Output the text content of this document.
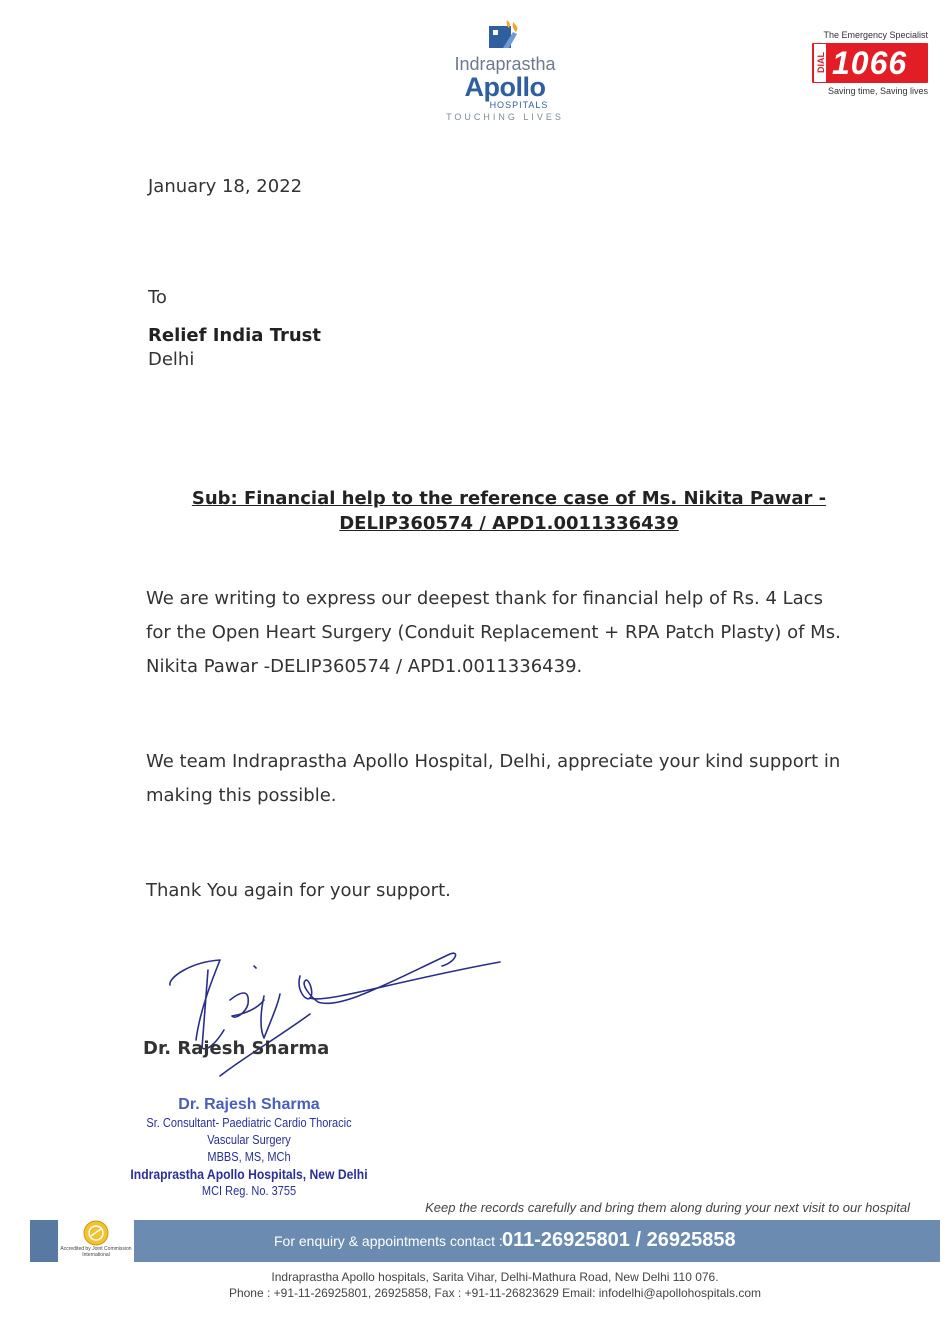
Indraprastha
Apollo
HOSPITALS
TOUCHING LIVES
The Emergency Specialist
DIAL 1066
Saving time, Saving lives
January 18, 2022
To
Relief India Trust
Delhi
Sub: Financial help to the reference case of Ms. Nikita Pawar -
DELIP360574 / APD1.0011336439
We are writing to express our deepest thank for financial help of Rs. 4 Lacs for the Open Heart Surgery (Conduit Replacement + RPA Patch Plasty) of Ms. Nikita Pawar -DELIP360574 / APD1.0011336439.
We team Indraprastha Apollo Hospital, Delhi, appreciate your kind support in making this possible.
Thank You again for your support.
Dr. Rajesh Sharma
Dr. Rajesh Sharma
Sr. Consultant- Paediatric Cardio Thoracic Vascular Surgery
MBBS, MS, MCh
Indraprastha Apollo Hospitals, New Delhi
MCI Reg. No. 3755
Keep the records carefully and bring them along during your next visit to our hospital
Accredited by Joint Commission International
For enquiry & appointments contact : 011-26925801 / 26925858
Indraprastha Apollo hospitals, Sarita Vihar, Delhi-Mathura Road, New Delhi 110 076.
Phone : +91-11-26925801, 26925858, Fax : +91-11-26823629 Email: infodelhi@apollohospitals.com
